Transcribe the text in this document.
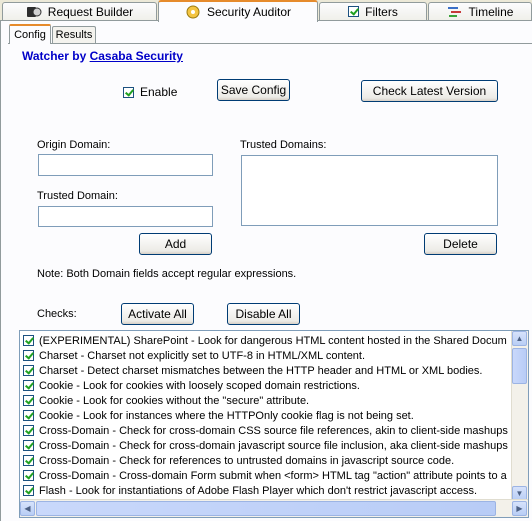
Request Builder	Security Auditor	Filters	Timeline
Config Results
Watcher by Casaba Security
Enable	Save Config	Check Latest Version
Origin Domain:
Trusted Domain:
Trusted Domains:
Add	Delete
Note: Both Domain fields accept regular expressions.
Checks:	Activate All	Disable All
(EXPERIMENTAL) SharePoint - Look for dangerous HTML content hosted in the Shared Docum
Charset - Charset not explicitly set to UTF-8 in HTML/XML content.
Charset - Detect charset mismatches between the HTTP header and HTML or XML bodies.
Cookie - Look for cookies with loosely scoped domain restrictions.
Cookie - Look for cookies without the "secure" attribute.
Cookie - Look for instances where the HTTPOnly cookie flag is not being set.
Cross-Domain - Check for cross-domain CSS source file references, akin to client-side mashups
Cross-Domain - Check for cross-domain javascript source file inclusion, aka client-side mashups
Cross-Domain - Check for references to untrusted domains in javascript source code.
Cross-Domain - Cross-domain Form submit when <form> HTML tag "action" attribute points to a
Flash - Look for instantiations of Adobe Flash Player which don't restrict javascript access.
▲
▼
◀	▶
